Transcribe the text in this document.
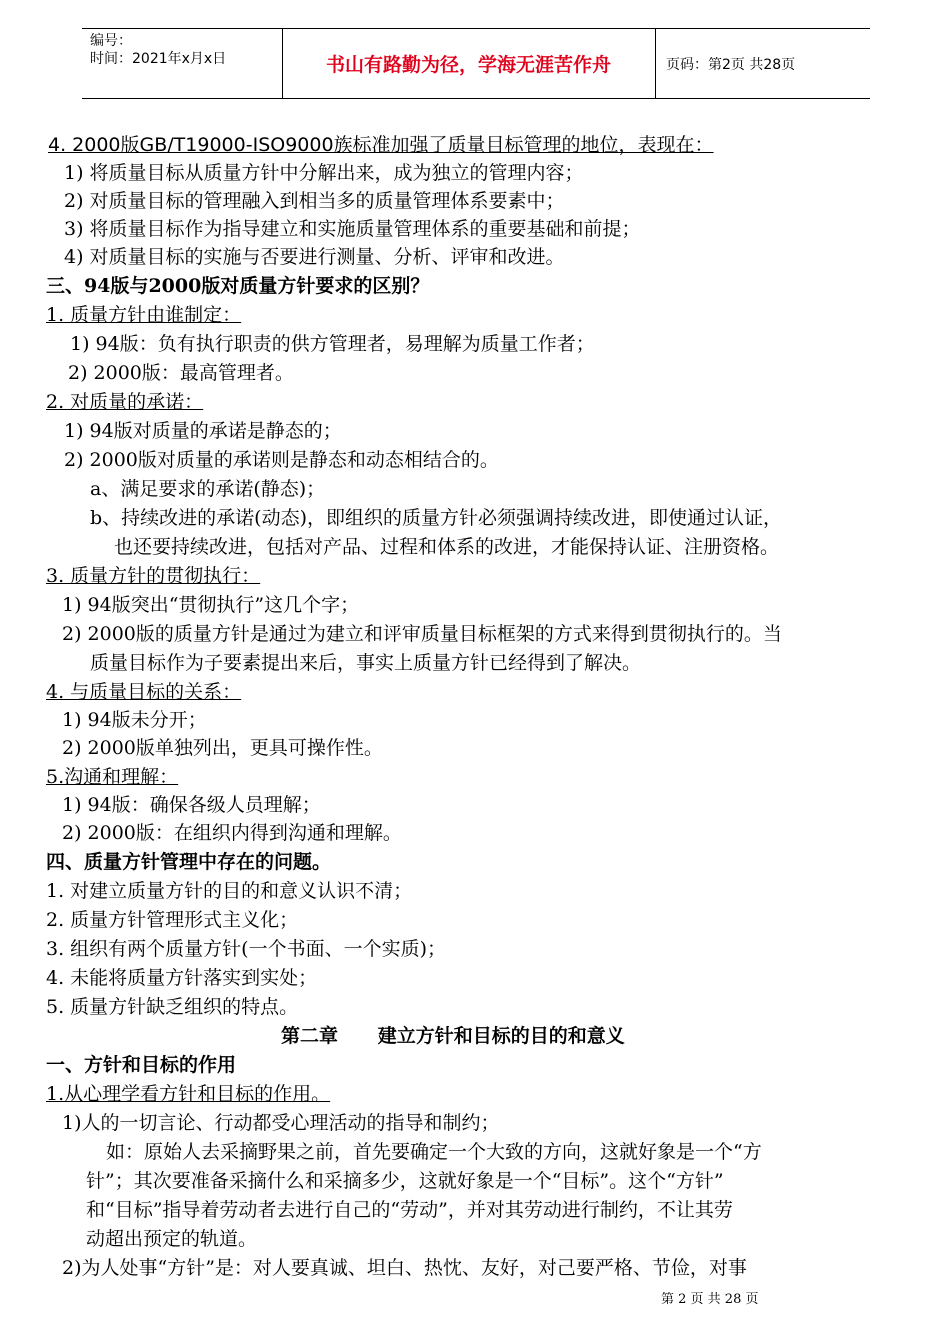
编号：
时间：2021年x月x日	书山有路勤为径，学海无涯苦作舟	页码：第2页 共28页
4. 2000版GB/T19000-ISO9000族标准加强了质量目标管理的地位，表现在：
1) 将质量目标从质量方针中分解出来，成为独立的管理内容；
2) 对质量目标的管理融入到相当多的质量管理体系要素中；
3) 将质量目标作为指导建立和实施质量管理体系的重要基础和前提；
4) 对质量目标的实施与否要进行测量、分析、评审和改进。
三、94版与2000版对质量方针要求的区别？
1. 质量方针由谁制定：
1) 94版：负有执行职责的供方管理者，易理解为质量工作者；
2) 2000版：最高管理者。
2. 对质量的承诺：
1) 94版对质量的承诺是静态的；
2) 2000版对质量的承诺则是静态和动态相结合的。
a、满足要求的承诺(静态)；
b、持续改进的承诺(动态)，即组织的质量方针必须强调持续改进，即使通过认证，
也还要持续改进，包括对产品、过程和体系的改进，才能保持认证、注册资格。
3. 质量方针的贯彻执行：
1) 94版突出“贯彻执行”这几个字；
2) 2000版的质量方针是通过为建立和评审质量目标框架的方式来得到贯彻执行的。当
质量目标作为子要素提出来后，事实上质量方针已经得到了解决。
4. 与质量目标的关系：
1) 94版未分开；
2) 2000版单独列出，更具可操作性。
5.沟通和理解：
1) 94版：确保各级人员理解；
2) 2000版：在组织内得到沟通和理解。
四、质量方针管理中存在的问题。
1. 对建立质量方针的目的和意义认识不清；
2. 质量方针管理形式主义化；
3. 组织有两个质量方针(一个书面、一个实质)；
4. 未能将质量方针落实到实处；
5. 质量方针缺乏组织的特点。
第二章      建立方针和目标的目的和意义
一、方针和目标的作用
1.从心理学看方针和目标的作用。
1)人的一切言论、行动都受心理活动的指导和制约；
如：原始人去采摘野果之前，首先要确定一个大致的方向，这就好象是一个“方
针”；其次要准备采摘什么和采摘多少，这就好象是一个“目标”。这个“方针”
和“目标”指导着劳动者去进行自己的“劳动”，并对其劳动进行制约，不让其劳
动超出预定的轨道。
2)为人处事“方针”是：对人要真诚、坦白、热忱、友好，对己要严格、节俭，对事
第 2 页 共 28 页
